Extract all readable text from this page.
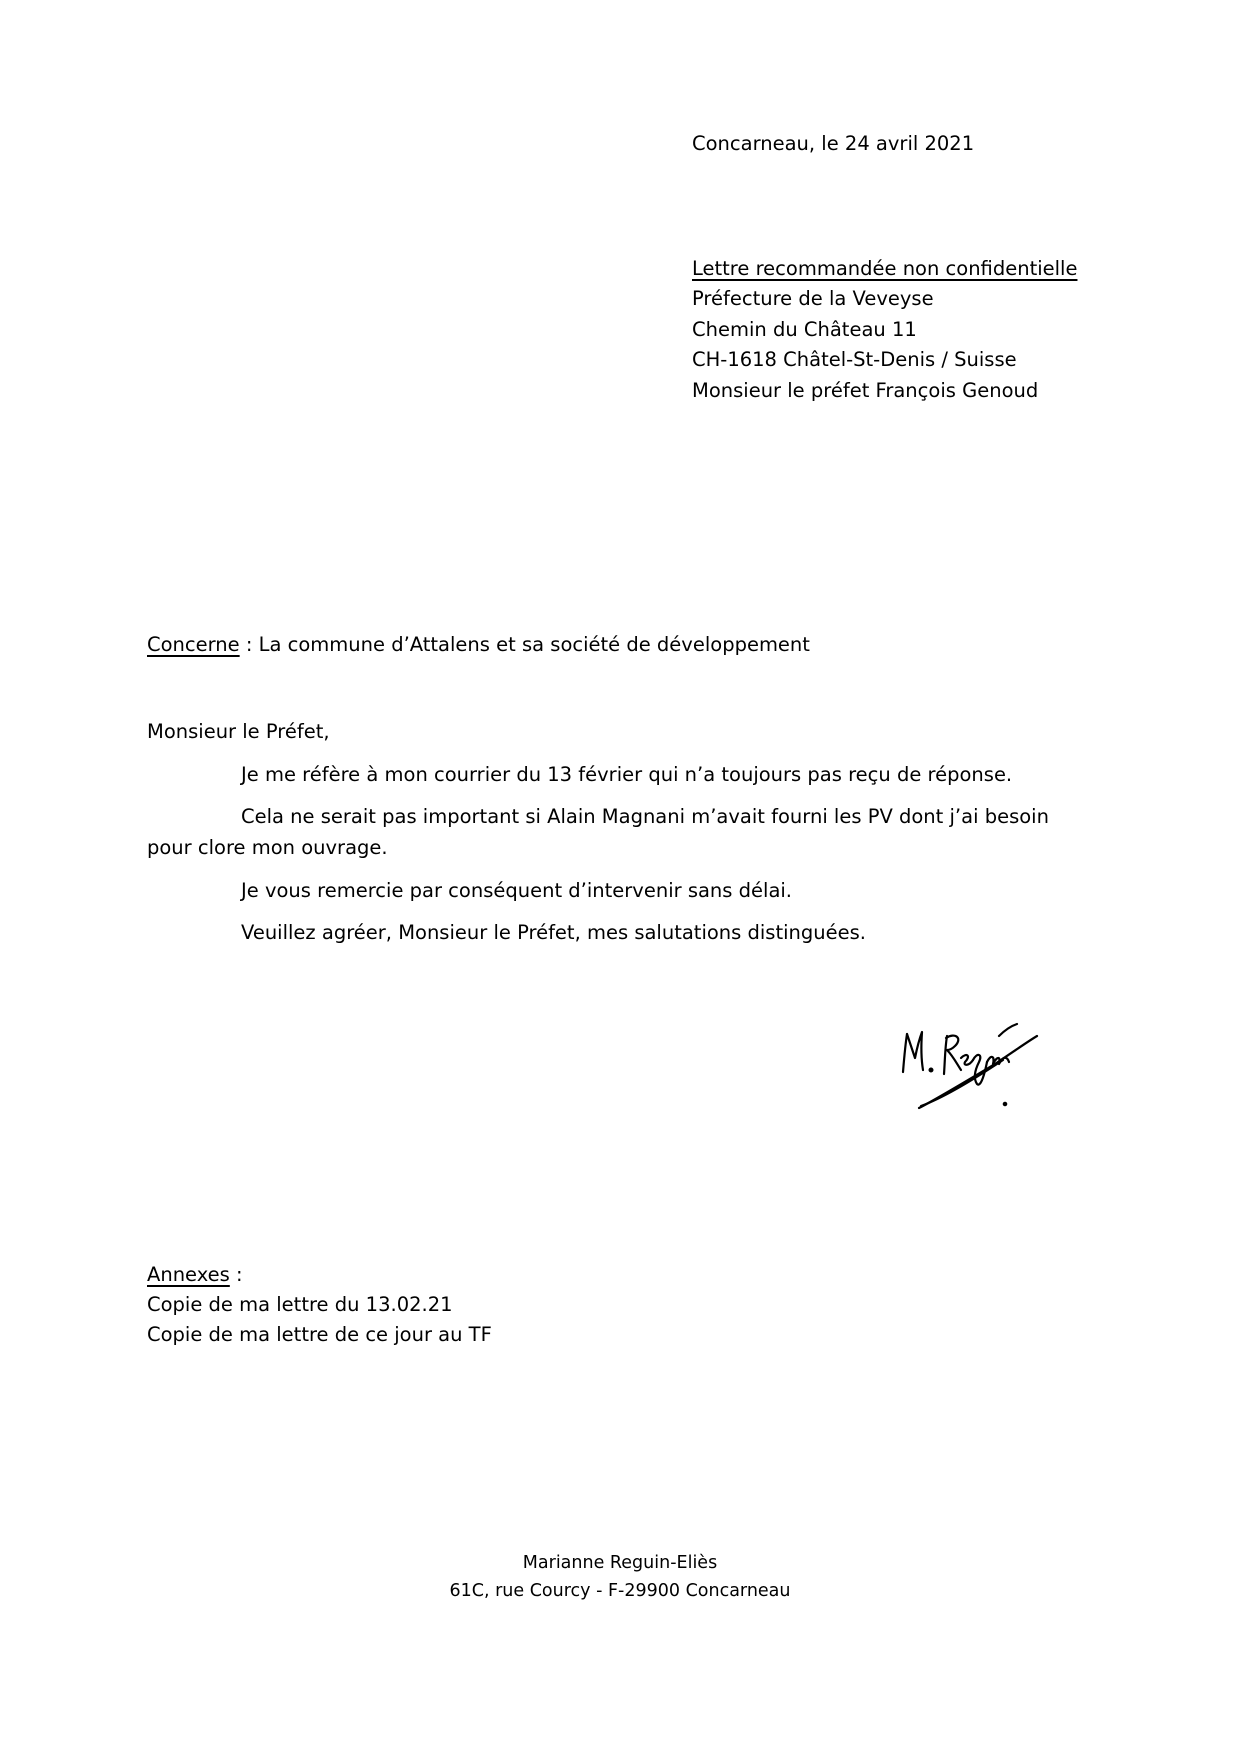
Concarneau, le 24 avril 2021
Lettre recommandée non confidentielle
Préfecture de la Veveyse
Chemin du Château 11
CH-1618 Châtel-St-Denis / Suisse
Monsieur le préfet François Genoud
Concerne : La commune d’Attalens et sa société de développement
Monsieur le Préfet,
Je me réfère à mon courrier du 13 février qui n’a toujours pas reçu de réponse.
Cela ne serait pas important si Alain Magnani m’avait fourni les PV dont j’ai besoin pour clore mon ouvrage.
Je vous remercie par conséquent d’intervenir sans délai.
Veuillez agréer, Monsieur le Préfet, mes salutations distinguées.
Annexes :
Copie de ma lettre du 13.02.21
Copie de ma lettre de ce jour au TF
Marianne Reguin-Eliès
61C, rue Courcy - F-29900 Concarneau
